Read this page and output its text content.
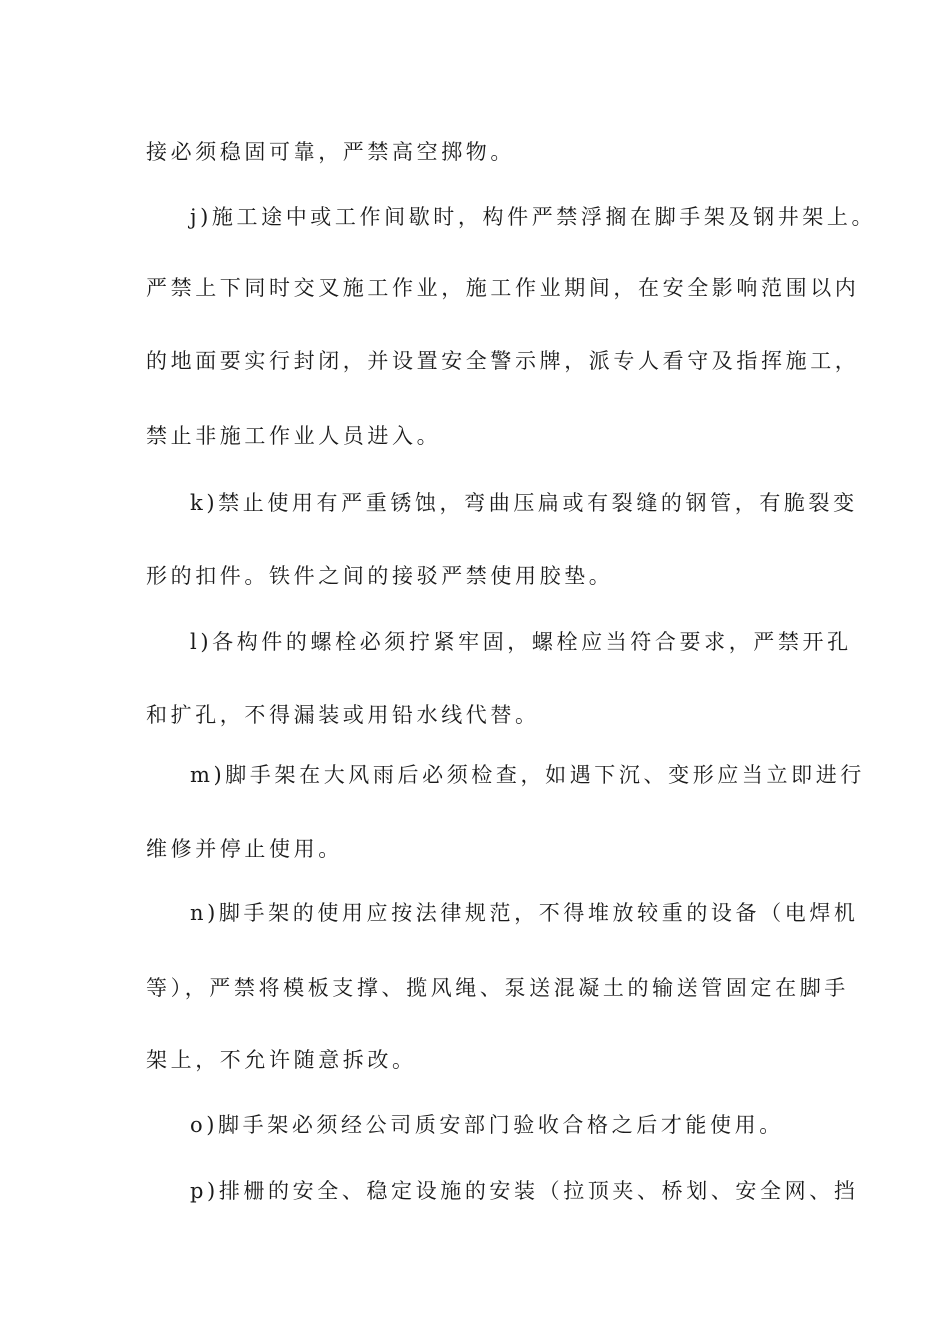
接必须稳固可靠，严禁高空掷物。
j)施工途中或工作间歇时，构件严禁浮搁在脚手架及钢井架上。
严禁上下同时交叉施工作业，施工作业期间，在安全影响范围以内
的地面要实行封闭，并设置安全警示牌，派专人看守及指挥施工，
禁止非施工作业人员进入。
k)禁止使用有严重锈蚀，弯曲压扁或有裂缝的钢管，有脆裂变
形的扣件。铁件之间的接驳严禁使用胶垫。
l)各构件的螺栓必须拧紧牢固，螺栓应当符合要求，严禁开孔
和扩孔，不得漏装或用铅水线代替。
m)脚手架在大风雨后必须检查，如遇下沉、变形应当立即进行
维修并停止使用。
n)脚手架的使用应按法律规范，不得堆放较重的设备（电焊机
等），严禁将模板支撑、揽风绳、泵送混凝土的输送管固定在脚手
架上，不允许随意拆改。
o)脚手架必须经公司质安部门验收合格之后才能使用。
p)排栅的安全、稳定设施的安装（拉顶夹、桥划、安全网、挡
